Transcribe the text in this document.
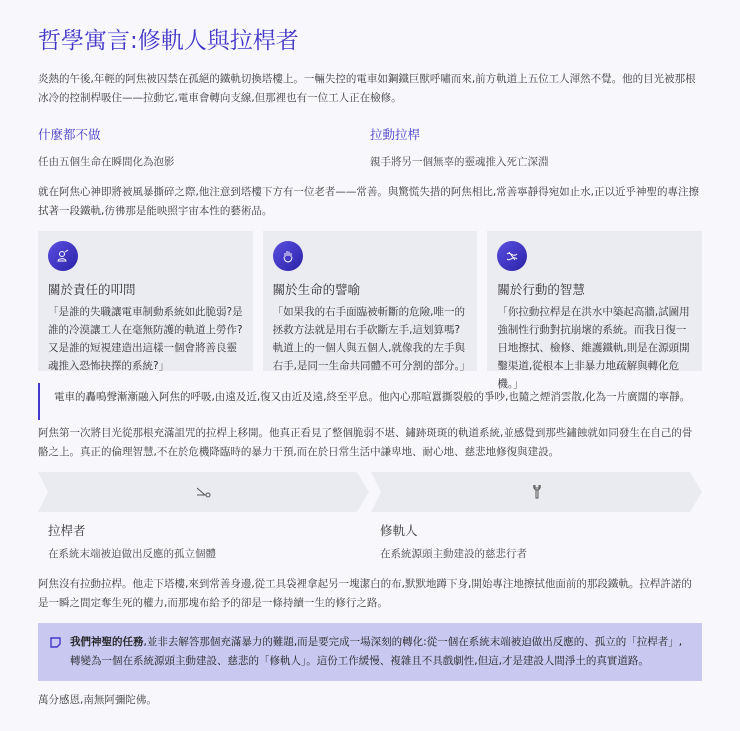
哲學寓言:修軌人與拉桿者

炎熱的午後,年輕的阿焦被囚禁在孤絕的鐵軌切換塔樓上。一輛失控的電車如鋼鐵巨獸呼嘯而來,前方軌道上五位工人渾然不覺。他的目光被那根冰冷的控制桿吸住——拉動它,電車會轉向支線,但那裡也有一位工人正在檢修。

什麼都不做
任由五個生命在瞬間化為泡影
拉動拉桿
親手將另一個無辜的靈魂推入死亡深淵

就在阿焦心神即將被風暴撕碎之際,他注意到塔樓下方有一位老者——常善。與驚慌失措的阿焦相比,常善寧靜得宛如止水,正以近乎神聖的專注擦拭著一段鐵軌,彷彿那是能映照宇宙本性的藝術品。

關於責任的叩問

「是誰的失職讓電車制動系統如此脆弱?是誰的冷漠讓工人在毫無防護的軌道上勞作?又是誰的短視建造出這樣一個會將善良靈魂推入恐怖抉擇的系統?」

關於生命的譬喻

「如果我的右手面臨被斬斷的危險,唯一的拯救方法就是用右手砍斷左手,這划算嗎?軌道上的一個人與五個人,就像我的左手與右手,是同一生命共同體不可分割的部分。」

關於行動的智慧

「你拉動拉桿是在洪水中築起高牆,試圖用強制性行動對抗崩壞的系統。而我日復一日地擦拭、檢修、維護鐵軌,則是在源頭開鑿渠道,從根本上非暴力地疏解與轉化危機。」

電車的轟鳴聲漸漸融入阿焦的呼吸,由遠及近,復又由近及遠,終至平息。他內心那喧囂撕裂般的爭吵,也隨之煙消雲散,化為一片廣闊的寧靜。

阿焦第一次將目光從那根充滿詛咒的拉桿上移開。他真正看見了整個脆弱不堪、鏽跡斑斑的軌道系統,並感覺到那些鏽蝕就如同發生在自己的骨骼之上。真正的倫理智慧,不在於危機降臨時的暴力干預,而在於日常生活中謙卑地、耐心地、慈悲地修復與建設。

拉桿者
在系統末端被迫做出反應的孤立個體
修軌人
在系統源頭主動建設的慈悲行者

阿焦沒有拉動拉桿。他走下塔樓,來到常善身邊,從工具袋裡拿起另一塊潔白的布,默默地蹲下身,開始專注地擦拭他面前的那段鐵軌。拉桿許諾的是一瞬之間定奪生死的權力,而那塊布給予的卻是一條持續一生的修行之路。

我們神聖的任務,並非去解答那個充滿暴力的難題,而是要完成一場深刻的轉化:從一個在系統末端被迫做出反應的、孤立的「拉桿者」,轉變為一個在系統源頭主動建設、慈悲的「修軌人」。這份工作緩慢、複雜且不具戲劇性,但這,才是建設人間淨土的真實道路。

萬分感恩,南無阿彌陀佛。
